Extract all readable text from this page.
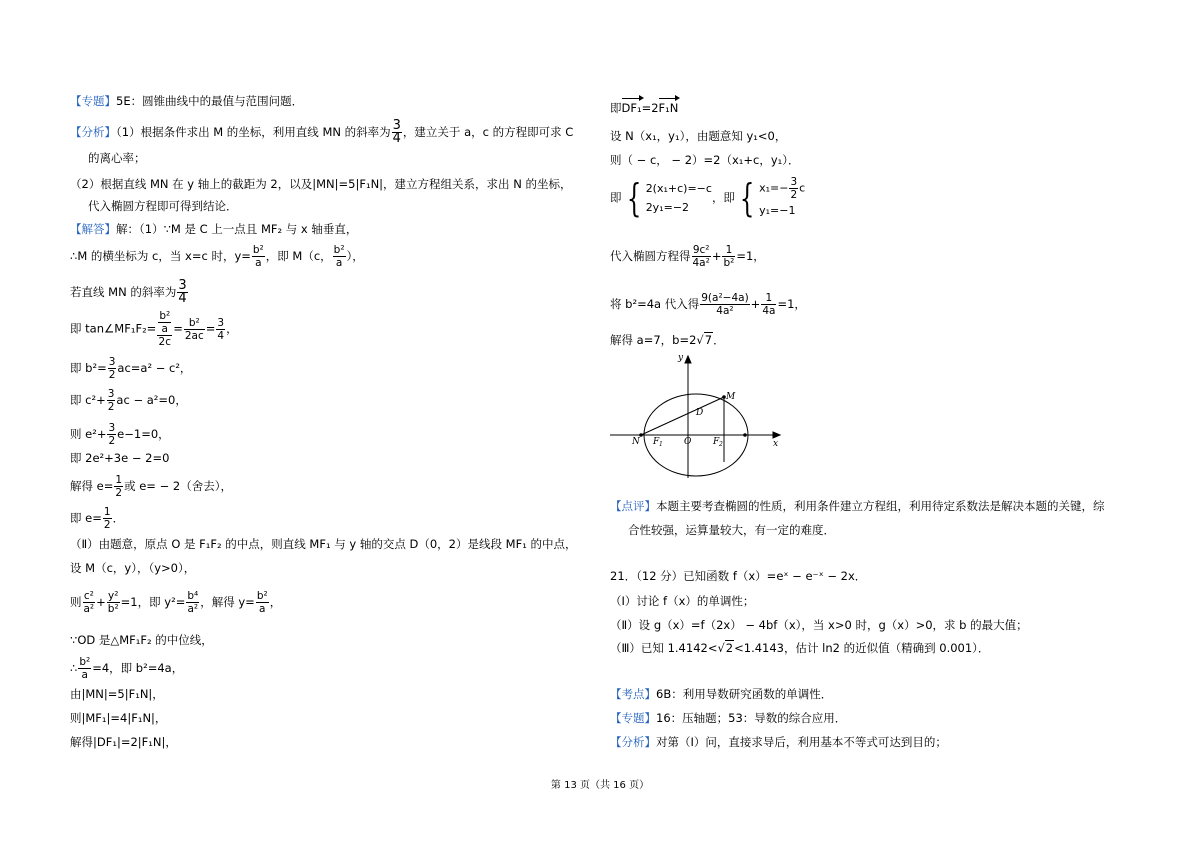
【专题】5E：圆锥曲线中的最值与范围问题．
【分析】（1）根据条件求出 M 的坐标，利用直线 MN 的斜率为 $\frac{3}{4}$ ，建立关于 a，c 的方程即可求 C
的离心率；
（2）根据直线 MN 在 y 轴上的截距为 2，以及|MN|=5|F₁N|，建立方程组关系，求出 N 的坐标，
代入椭圆方程即可得到结论．
【解答】解：（1）∵M 是 C 上一点且 MF₂ 与 x 轴垂直，
∴M 的横坐标为 c，当 x=c 时，$y= \frac{\text{b²}}{a}$ ，即 M（c， $\frac{\text{b²}}{a}$ ），
若直线 MN 的斜率为 $\frac{3}{4}$
即 tan∠MF₁F₂= $\frac{\frac{\text{b²}}{a}}{2c} = \frac{\text{b²}}{2ac} = \frac{3}{4}$ ，
即 $b^2= \frac{3}{2} ac=a^2 - c^2$，
即 $c^2+ \frac{3}{2}$ ac − a²=0，
则 $e^2+ \frac{3}{2} e-1=0$，
即 2e²+3e − 2=0
解得 $e= \frac{1}{2}$ 或 e= − 2（舍去），
即 $e= \frac{1}{2}$ ．
（Ⅱ）由题意，原点 O 是 F₁F₂ 的中点，则直线 MF₁ 与 y 轴的交点 D（0，2）是线段 MF₁ 的中点，
设 M（c，y），（y>0），
则 $\frac{\text{c²}}{\text{a²}} + \frac{\text{y²}}{\text{b²}} =1$，即 $y^2= \frac{\text{b⁴}}{\text{a²}}$ ，解得 $y= \frac{\text{b²}}{a}$ ，
∵OD 是△MF₁F₂ 的中位线，
∴ $\frac{\text{b²}}{a} =4$，即 b²=4a，
由|MN|=5|F₁N|，
则|MF₁|=4|F₁N|，
解得|DF₁|=2|F₁N|，
即DF₁=2F₁N
设 N（x₁，y₁），由题意知 y₁<0，
则（ − c， − 2）=2（x₁+c，y₁）．
即 { 2(x₁+c)=−c
2y₁=−2
，即 { $x_1=- \frac{3}{2}$ c
y₁=−1
代入椭圆方程得 $\frac{\text{9c²}}{\text{4a²}} + \frac{1}{\text{b²}} =1$，
将 b²=4a 代入得 $\frac{\text{9(a²−4a)}}{\text{4a²}} + \frac{1}{4a} =1$，
解得 a=7，b=2√7．
【点评】本题主要考查椭圆的性质，利用条件建立方程组，利用待定系数法是解决本题的关键，综
合性较强，运算量较大，有一定的难度．
21．（12 分）已知函数 f（x）=eˣ − e⁻ˣ − 2x．
（Ⅰ）讨论 f（x）的单调性；
（Ⅱ）设 g（x）=f（2x） − 4bf（x），当 x>0 时，g（x）>0，求 b 的最大值；
（Ⅲ）已知 1.4142<√2<1.4143，估计 ln2 的近似值（精确到 0.001）．
【考点】6B：利用导数研究函数的单调性．
【专题】16：压轴题；53：导数的综合应用．
【分析】对第（Ⅰ）问，直接求导后，利用基本不等式可达到目的；
y
x
M
D
N F 1 O F 2
第 13 页（共 16 页）
